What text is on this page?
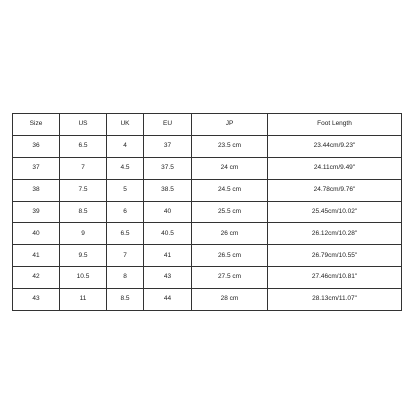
Size	US	UK	EU	JP	Foot Length
36	6.5	4	37	23.5 cm	23.44cm/9.23"
37	7	4.5	37.5	24 cm	24.11cm/9.49"
38	7.5	5	38.5	24.5 cm	24.78cm/9.76"
39	8.5	6	40	25.5 cm	25.45cm/10.02"
40	9	6.5	40.5	26 cm	26.12cm/10.28"
41	9.5	7	41	26.5 cm	26.79cm/10.55"
42	10.5	8	43	27.5 cm	27.46cm/10.81"
43	11	8.5	44	28 cm	28.13cm/11.07"
